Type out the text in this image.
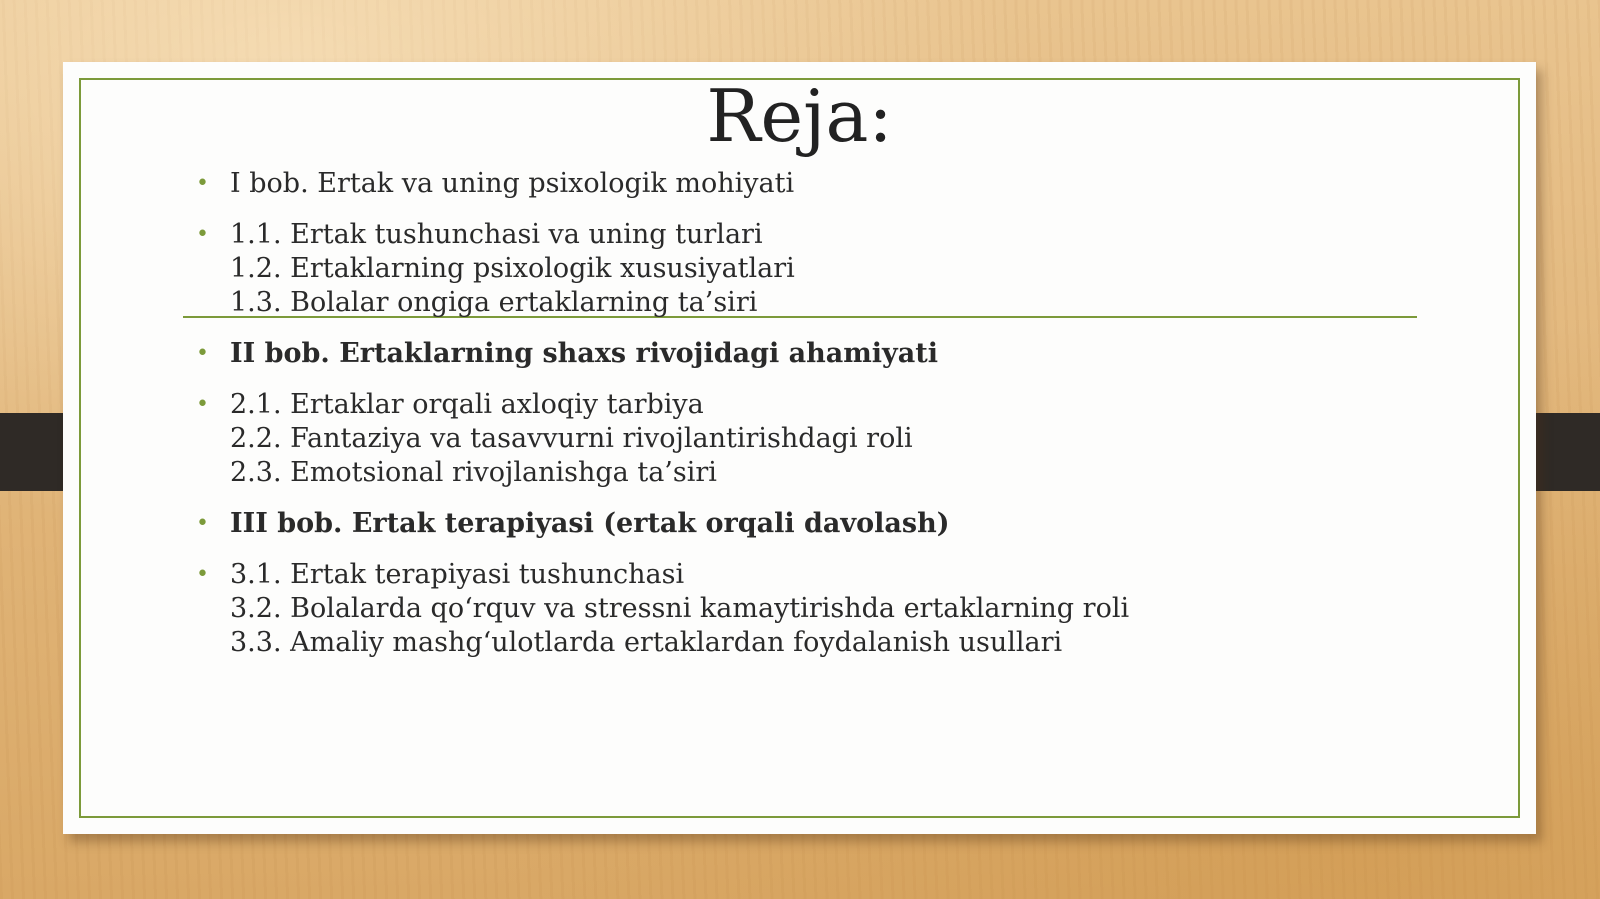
Reja:
• I bob. Ertak va uning psixologik mohiyati
• 1.1. Ertak tushunchasi va uning turlari
1.2. Ertaklarning psixologik xususiyatlari
1.3. Bolalar ongiga ertaklarning ta’siri
• II bob. Ertaklarning shaxs rivojidagi ahamiyati
• 2.1. Ertaklar orqali axloqiy tarbiya
2.2. Fantaziya va tasavvurni rivojlantirishdagi roli
2.3. Emotsional rivojlanishga ta’siri
• III bob. Ertak terapiyasi (ertak orqali davolash)
• 3.1. Ertak terapiyasi tushunchasi
3.2. Bolalarda qo‘rquv va stressni kamaytirishda ertaklarning roli
3.3. Amaliy mashg‘ulotlarda ertaklardan foydalanish usullari
